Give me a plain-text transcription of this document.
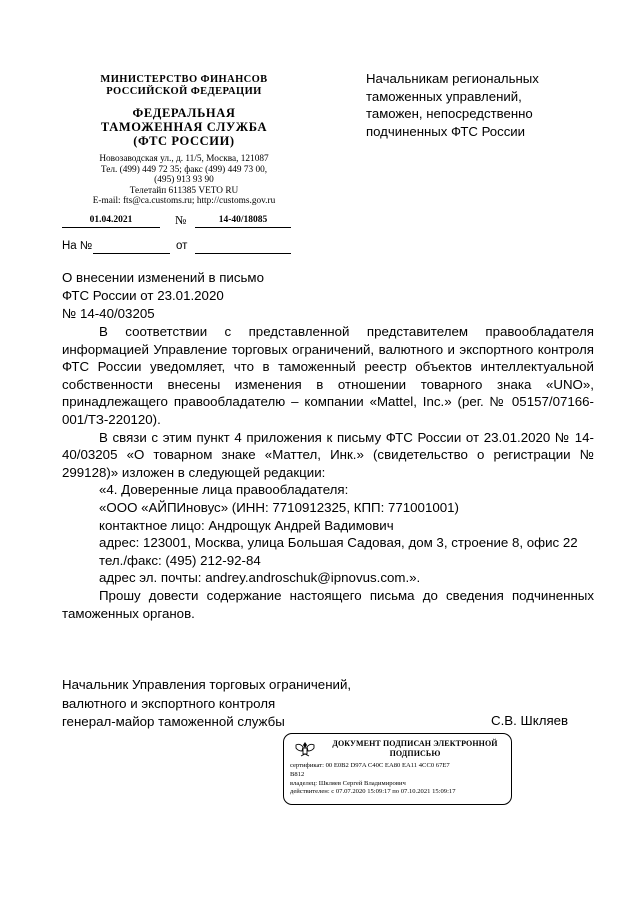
МИНИСТЕРСТВО ФИНАНСОВ
РОССИЙСКОЙ ФЕДЕРАЦИИ
ФЕДЕРАЛЬНАЯ
ТАМОЖЕННАЯ СЛУЖБА
(ФТС РОССИИ)
Новозаводская ул., д. 11/5, Москва, 121087
Тел. (499) 449 72 35; факс (499) 449 73 00,
(495) 913 93 90
Телетайп 611385 VETO RU
E-mail: fts@ca.customs.ru; http://customs.gov.ru
01.04.2021	№	14-40/18085
На №	от
Начальникам региональных
таможенных управлений,
таможен, непосредственно
подчиненных ФТС России
О внесении изменений в письмо
ФТС России от 23.01.2020
№ 14-40/03205

В соответствии с представленной представителем правообладателя информацией Управление торговых ограничений, валютного и экспортного контроля ФТС России уведомляет, что в таможенный реестр объектов интеллектуальной собственности внесены изменения в отношении товарного знака «UNO», принадлежащего правообладателю – компании «Mattel, Inc.» (рег. № 05157/07166-001/ТЗ-220120).

В связи с этим пункт 4 приложения к письму ФТС России от 23.01.2020 № 14-40/03205 «О товарном знаке «Маттел, Инк.» (свидетельство о регистрации № 299128)» изложен в следующей редакции:

«4. Доверенные лица правообладателя:
«ООО «АЙПИновус» (ИНН: 7710912325, КПП: 771001001)
контактное лицо: Андрощук Андрей Вадимович
адрес: 123001, Москва, улица Большая Садовая, дом 3, строение 8, офис 22
тел./факс: (495) 212-92-84
адрес эл. почты: andrey.androschuk@ipnovus.com.».

Прошу довести содержание настоящего письма до сведения подчиненных таможенных органов.

Начальник Управления торговых ограничений,
валютного и экспортного контроля
генерал-майор таможенной службы	С.В. Шкляев
ДОКУМЕНТ ПОДПИСАН ЭЛЕКТРОННОЙ
ПОДПИСЬЮ
сертификат: 00 E0B2 D97A C40C EA80 EA11 4CC0 67E7
B812
владелец: Шкляев Сергей Владимирович
действителен: с 07.07.2020 15:09:17 по 07.10.2021 15:09:17
